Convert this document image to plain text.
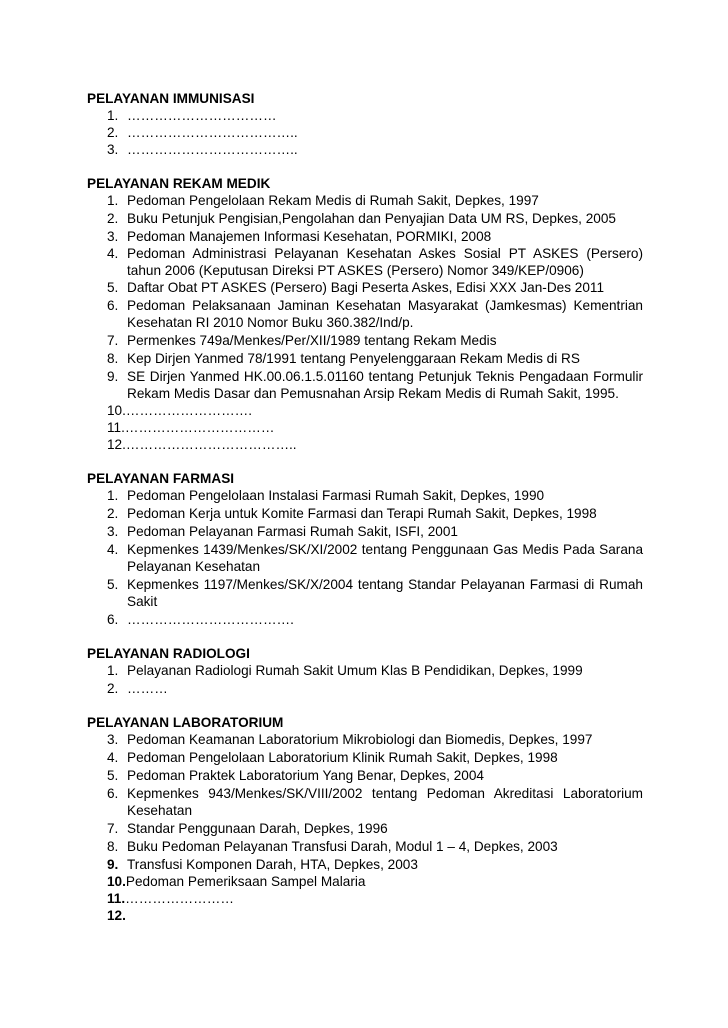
PELAYANAN IMMUNISASI
1. ……………………………
2. ………………………………..
3. ………………………………..
PELAYANAN REKAM MEDIK
1. Pedoman Pengelolaan Rekam Medis di Rumah Sakit, Depkes, 1997
2. Buku Petunjuk Pengisian,Pengolahan dan Penyajian Data UM RS, Depkes, 2005
3. Pedoman Manajemen Informasi Kesehatan, PORMIKI, 2008
4. Pedoman Administrasi Pelayanan Kesehatan Askes Sosial PT ASKES (Persero) tahun 2006 (Keputusan Direksi PT ASKES (Persero) Nomor 349/KEP/0906)
5. Daftar Obat PT ASKES (Persero) Bagi Peserta Askes, Edisi XXX Jan-Des 2011
6. Pedoman Pelaksanaan Jaminan Kesehatan Masyarakat (Jamkesmas) Kementrian Kesehatan RI 2010 Nomor Buku 360.382/Ind/p.
7. Permenkes 749a/Menkes/Per/XII/1989 tentang Rekam Medis
8. Kep Dirjen Yanmed 78/1991 tentang Penyelenggaraan Rekam Medis di RS
9. SE Dirjen Yanmed HK.00.06.1.5.01160 tentang Petunjuk Teknis Pengadaan Formulir Rekam Medis Dasar dan Pemusnahan Arsip Rekam Medis di Rumah Sakit, 1995.
10. ……………………….
11. ……………………………
12. ………………………………..
PELAYANAN FARMASI
1. Pedoman Pengelolaan Instalasi Farmasi Rumah Sakit, Depkes, 1990
2. Pedoman Kerja untuk Komite Farmasi dan Terapi Rumah Sakit, Depkes, 1998
3. Pedoman Pelayanan Farmasi Rumah Sakit, ISFI, 2001
4. Kepmenkes 1439/Menkes/SK/XI/2002 tentang Penggunaan Gas Medis Pada Sarana Pelayanan Kesehatan
5. Kepmenkes 1197/Menkes/SK/X/2004 tentang Standar Pelayanan Farmasi di Rumah Sakit
6. ……………………………….
PELAYANAN RADIOLOGI
1. Pelayanan Radiologi Rumah Sakit Umum Klas B Pendidikan, Depkes, 1999
2. ………
PELAYANAN LABORATORIUM
3. Pedoman Keamanan Laboratorium Mikrobiologi dan Biomedis, Depkes, 1997
4. Pedoman Pengelolaan Laboratorium Klinik Rumah Sakit, Depkes, 1998
5. Pedoman Praktek Laboratorium Yang Benar, Depkes, 2004
6. Kepmenkes 943/Menkes/SK/VIII/2002 tentang Pedoman Akreditasi Laboratorium Kesehatan
7. Standar Penggunaan Darah, Depkes, 1996
8. Buku Pedoman Pelayanan Transfusi Darah, Modul 1 – 4, Depkes, 2003
9. Transfusi Komponen Darah, HTA, Depkes, 2003
10. Pedoman Pemeriksaan Sampel Malaria
11. ……………………
12.
